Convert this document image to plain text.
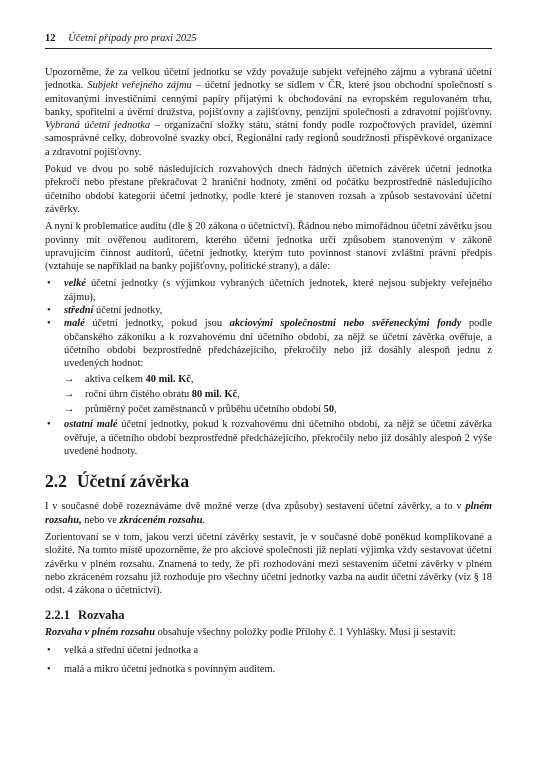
12 Účetní případy pro praxi 2025

Upozorněme, že za velkou účetní jednotku se vždy považuje subjekt veřejného zájmu a vybraná účetní jednotka. Subjekt veřejného zájmu – účetní jednotky se sídlem v ČR, které jsou obchodní společností s emitovanými investičními cennými papíry přijatými k obchodování na evropském regulovaném trhu, banky, spořitelní a úvěrní družstva, pojišťovny a zajišťovny, penzijní společnosti a zdravotní pojišťovny. Vybraná účetní jednotka – organizační složky státu, státní fondy podle rozpočtových pravidel, územní samosprávné celky, dobrovolné svazky obcí, Regionální rady regionů soudržnosti příspěvkové organizace a zdravotní pojišťovny.

Pokud ve dvou po sobě následujících rozvahových dnech řádných účetních závěrek účetní jednotka překročí nebo přestane překračovat 2 hraniční hodnoty, změní od počátku bezprostředně následujícího účetního období kategorii účetní jednotky, podle které je stanoven rozsah a způsob sestavování účetní závěrky.

A nyní k problematice auditu (dle § 20 zákona o účetnictví). Řádnou nebo mimořádnou účetní závěrku jsou povinny mít ověřenou auditorem, kterého účetní jednotka určí způsobem stanoveným v zákoně upravujícím činnost auditorů, účetní jednotky, kterým tuto povinnost stanoví zvláštní právní předpis (vztahuje se například na banky pojišťovny, politické strany), a dále:

• velké účetní jednotky (s výjimkou vybraných účetních jednotek, které nejsou subjekty veřejného zájmu),
• střední účetní jednotky,
• malé účetní jednotky, pokud jsou akciovými společnostmi nebo svěřeneckými fondy podle občanského zákoníku a k rozvahovému dni účetního období, za nějž se účetní závěrka ověřuje, a účetního období bezprostředně předcházejícího, překročily nebo již dosáhly alespoň jednu z uvedených hodnot:
→ aktiva celkem 40 mil. Kč,
→ roční úhrn čistého obratu 80 mil. Kč,
→ průměrný počet zaměstnanců v průběhu účetního období 50,
• ostatní malé účetní jednotky, pokud k rozvahovému dni účetního období, za nějž se účetní závěrka ověřuje, a účetního období bezprostředně předcházejícího, překročily nebo již dosáhly alespoň 2 výše uvedené hodnoty.
2.2 Účetní závěrka

I v současné době rozeznáváme dvě možné verze (dva způsoby) sestavení účetní závěrky, a to v plném rozsahu, nebo ve zkráceném rozsahu.

Zorientovaní se v tom, jakou verzi účetní závěrky sestavit, je v současné době poněkud komplikované a složité. Na tomto místě upozorněme, že pro akciové společnosti již neplatí výjimka vždy sestavovat účetní závěrku v plném rozsahu. Znamená to tedy, že při rozhodování mezi sestavením účetní závěrky v plném nebo zkráceném rozsahu již rozhoduje pro všechny účetní jednotky vazba na audit účetní závěrky (viz § 18 odst. 4 zákona o účetnictví).

2.2.1 Rozvaha

Rozvaha v plném rozsahu obsahuje všechny položky podle Přílohy č. 1 Vyhlášky. Musí ji sestavit:

• velká a střední účetní jednotka a
• malá a mikro účetní jednotka s povinným auditem.
